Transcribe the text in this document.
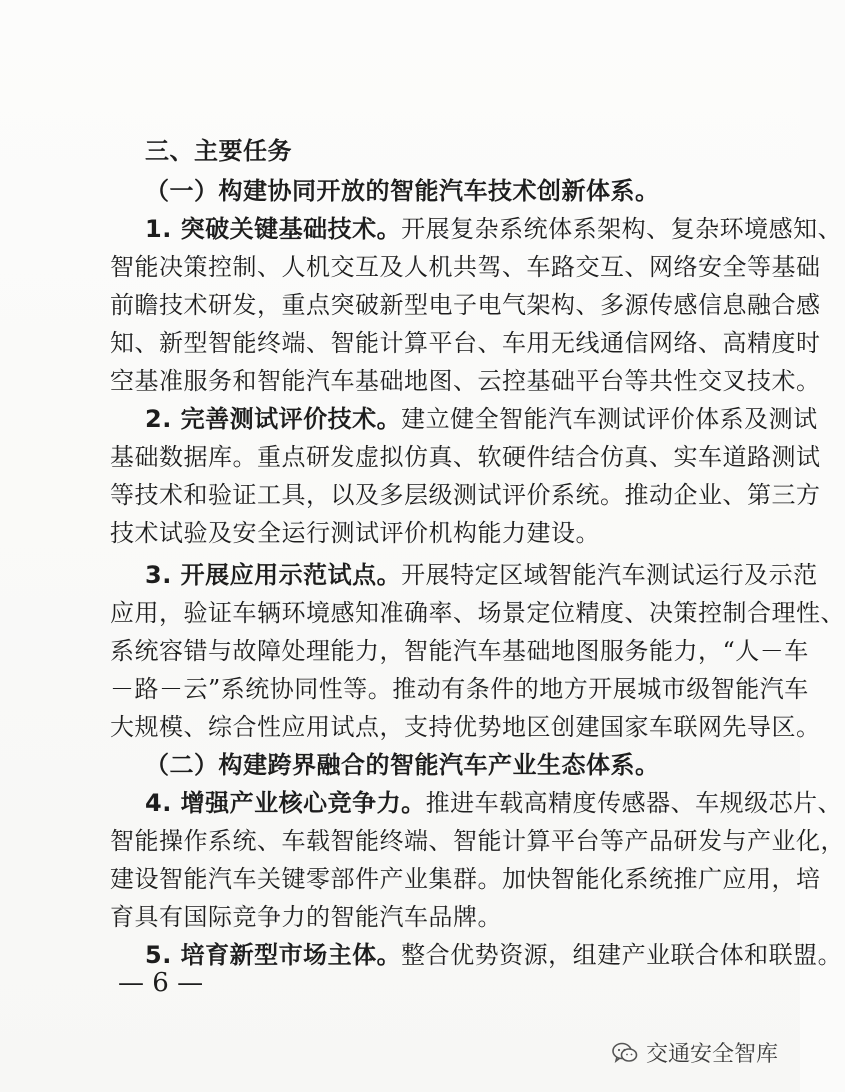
三、主要任务
（一）构建协同开放的智能汽车技术创新体系。
1. 突破关键基础技术。开展复杂系统体系架构、复杂环境感知、
智能决策控制、人机交互及人机共驾、车路交互、网络安全等基础
前瞻技术研发，重点突破新型电子电气架构、多源传感信息融合感
知、新型智能终端、智能计算平台、车用无线通信网络、高精度时
空基准服务和智能汽车基础地图、云控基础平台等共性交叉技术。
2. 完善测试评价技术。建立健全智能汽车测试评价体系及测试
基础数据库。重点研发虚拟仿真、软硬件结合仿真、实车道路测试
等技术和验证工具，以及多层级测试评价系统。推动企业、第三方
技术试验及安全运行测试评价机构能力建设。
3. 开展应用示范试点。开展特定区域智能汽车测试运行及示范
应用，验证车辆环境感知准确率、场景定位精度、决策控制合理性、
系统容错与故障处理能力，智能汽车基础地图服务能力，“人－车
－路－云”系统协同性等。推动有条件的地方开展城市级智能汽车
大规模、综合性应用试点，支持优势地区创建国家车联网先导区。
（二）构建跨界融合的智能汽车产业生态体系。
4. 增强产业核心竞争力。推进车载高精度传感器、车规级芯片、
智能操作系统、车载智能终端、智能计算平台等产品研发与产业化，
建设智能汽车关键零部件产业集群。加快智能化系统推广应用，培
育具有国际竞争力的智能汽车品牌。
5. 培育新型市场主体。整合优势资源，组建产业联合体和联盟。
— 6 —
交通安全智库
